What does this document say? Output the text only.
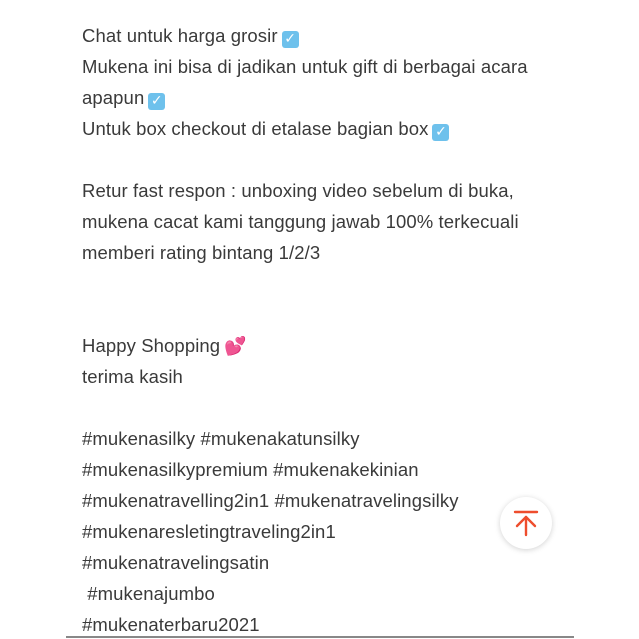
Chat untuk harga grosir ✓
Mukena ini bisa di jadikan untuk gift di berbagai acara
apapun ✓
Untuk box checkout di etalase bagian box ✓
Retur fast respon : unboxing video sebelum di buka,
mukena cacat kami tanggung jawab 100% terkecuali
memberi rating bintang 1/2/3
Happy Shopping 💕
terima kasih
#mukenasilky #mukenakatunsilky
#mukenasilkypremium #mukenakekinian
#mukenatravelling2in1 #mukenatravelingsilky
#mukenaresletingtraveling2in1
#mukenatravelingsatin
#mukenajumbo
#mukenaterbaru2021
